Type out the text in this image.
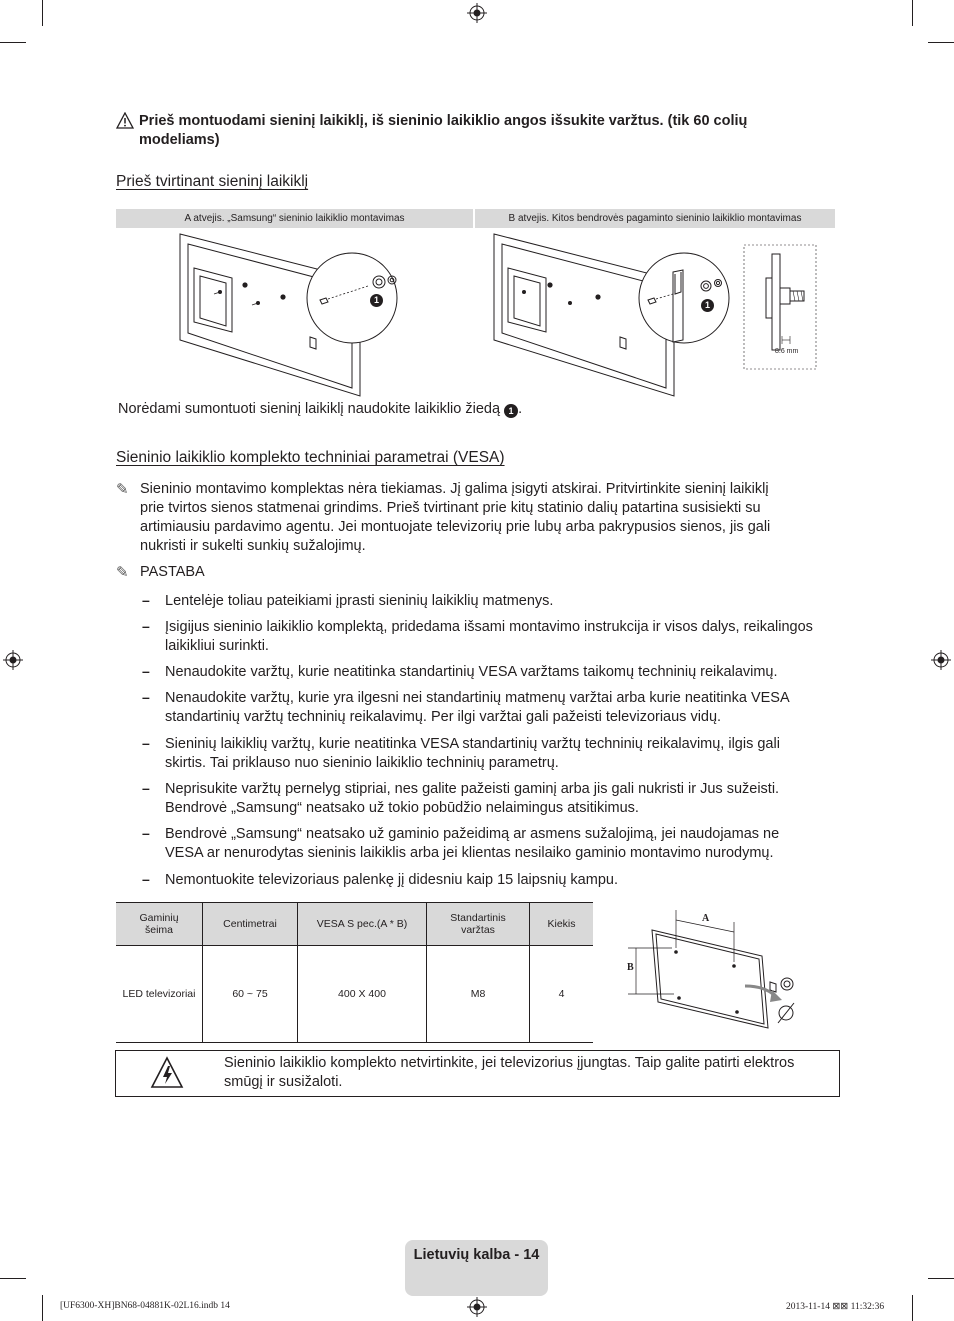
Prieš montuodami sieninį laikiklį, iš sieninio laikiklio angos išsukite varžtus. (tik 60 colių
modeliams)
Prieš tvirtinant sieninį laikiklį
A atvejis. „Samsung“ sieninio laikiklio montavimas	B atvejis. Kitos bendrovės pagaminto sieninio laikiklio montavimas
1	1
8.6 mm
Norėdami sumontuoti sieninį laikiklį naudokite laikiklio žiedą 1 .
Sieninio laikiklio komplekto techniniai parametrai (VESA)
✎ Sieninio montavimo komplektas nėra tiekiamas. Jį galima įsigyti atskirai. Pritvirtinkite sieninį laikiklį
prie tvirtos sienos statmenai grindims. Prieš tvirtinant prie kitų statinio dalių patartina susisiekti su
artimiausiu pardavimo agentu. Jei montuojate televizorių prie lubų arba pakrypusios sienos, jis gali
nukristi ir sukelti sunkių sužalojimų.
✎ PASTABA
– Lentelėje toliau pateikiami įprasti sieninių laikiklių matmenys.
– Įsigijus sieninio laikiklio komplektą, pridedama išsami montavimo instrukcija ir visos dalys, reikalingos
laikikliui surinkti.
– Nenaudokite varžtų, kurie neatitinka standartinių VESA varžtams taikomų techninių reikalavimų.
– Nenaudokite varžtų, kurie yra ilgesni nei standartinių matmenų varžtai arba kurie neatitinka VESA
standartinių varžtų techninių reikalavimų. Per ilgi varžtai gali pažeisti televizoriaus vidų.
– Sieninių laikiklių varžtų, kurie neatitinka VESA standartinių varžtų techninių reikalavimų, ilgis gali
skirtis. Tai priklauso nuo sieninio laikiklio techninių parametrų.
– Neprisukite varžtų pernelyg stipriai, nes galite pažeisti gaminį arba jis gali nukristi ir Jus sužeisti.
Bendrovė „Samsung“ neatsako už tokio pobūdžio nelaimingus atsitikimus.
– Bendrovė „Samsung“ neatsako už gaminio pažeidimą ar asmens sužalojimą, jei naudojamas ne
VESA ar nenurodytas sieninis laikiklis arba jei klientas nesilaiko gaminio montavimo nurodymų.
– Nemontuokite televizoriaus palenkę jį didesniu kaip 15 laipsnių kampu.
Gaminių
šeima	Centimetrai	VESA S pec.(A * B)	Standartinis
varžtas	Kiekis
LED televizoriai	60 ~ 75	400 X 400	M8	4
A
B
Sieninio laikiklio komplekto netvirtinkite, jei televizorius įjungtas. Taip galite patirti elektros
smūgį ir susižaloti.
Lietuvių kalba - 14
[UF6300-XH]BN68-04881K-02L16.indb 14	2013-11-14 ⊠⊠ 11:32:36
